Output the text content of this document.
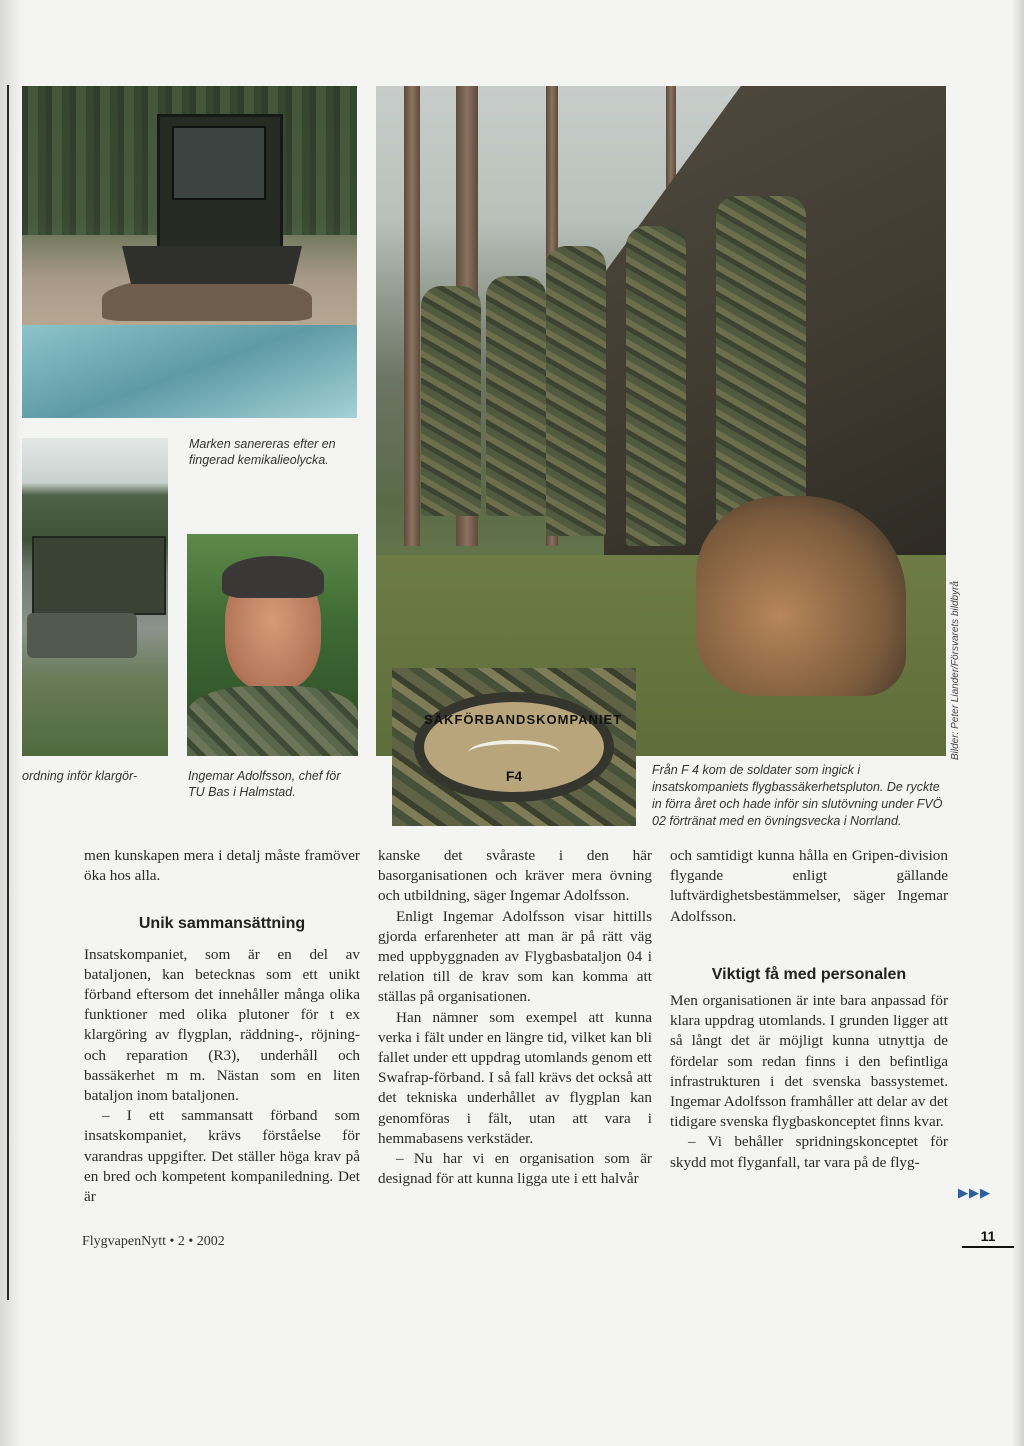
Marken sanereras efter en fingerad kemikalieolycka.
ordning inför klargör-	Ingemar Adolfsson, chef för TU Bas i Halmstad.
Bilder: Peter Liander/Försvarets bildbyrå
SÄKFÖRBANDSKOMPANIET
F4	Från F 4 kom de soldater som ingick i insatskompaniets flygbassäkerhetspluton. De ryckte in förra året och hade inför sin slutövning under FVÖ 02 förtränat med en övningsvecka i Norrland.

men kunskapen mera i detalj måste framöver öka hos alla.

Unik sammansättning

Insatskompaniet, som är en del av bataljonen, kan betecknas som ett unikt förband eftersom det innehåller många olika funktioner med olika plutoner för t ex klargöring av flygplan, räddning-, röjning- och reparation (R3), underhåll och bassäkerhet m m. Nästan som en liten bataljon inom bataljonen.

– I ett sammansatt förband som insatskompaniet, krävs förståelse för varandras uppgifter. Det ställer höga krav på en bred och kompetent kompaniledning. Det är

kanske det svåraste i den här basorganisationen och kräver mera övning och utbildning, säger Ingemar Adolfsson.

Enligt Ingemar Adolfsson visar hittills gjorda erfarenheter att man är på rätt väg med uppbyggnaden av Flygbasbataljon 04 i relation till de krav som kan komma att ställas på organisationen.

Han nämner som exempel att kunna verka i fält under en längre tid, vilket kan bli fallet under ett uppdrag utomlands genom ett Swafrap-förband. I så fall krävs det också att det tekniska underhållet av flygplan kan genomföras i fält, utan att vara i hemmabasens verkstäder.

– Nu har vi en organisation som är designad för att kunna ligga ute i ett halvår

och samtidigt kunna hålla en Gripen-division flygande enligt gällande luftvärdighetsbestämmelser, säger Ingemar Adolfsson.

Viktigt få med personalen

Men organisationen är inte bara anpassad för klara uppdrag utomlands. I grunden ligger att så långt det är möjligt kunna utnyttja de fördelar som redan finns i den befintliga infrastrukturen i det svenska bassystemet. Ingemar Adolfsson framhåller att delar av det tidigare svenska flygbaskonceptet finns kvar.

– Vi behåller spridningskonceptet för skydd mot flyganfall, tar vara på de flyg-

▶▶▶
FlygvapenNytt • 2 • 2002	11
